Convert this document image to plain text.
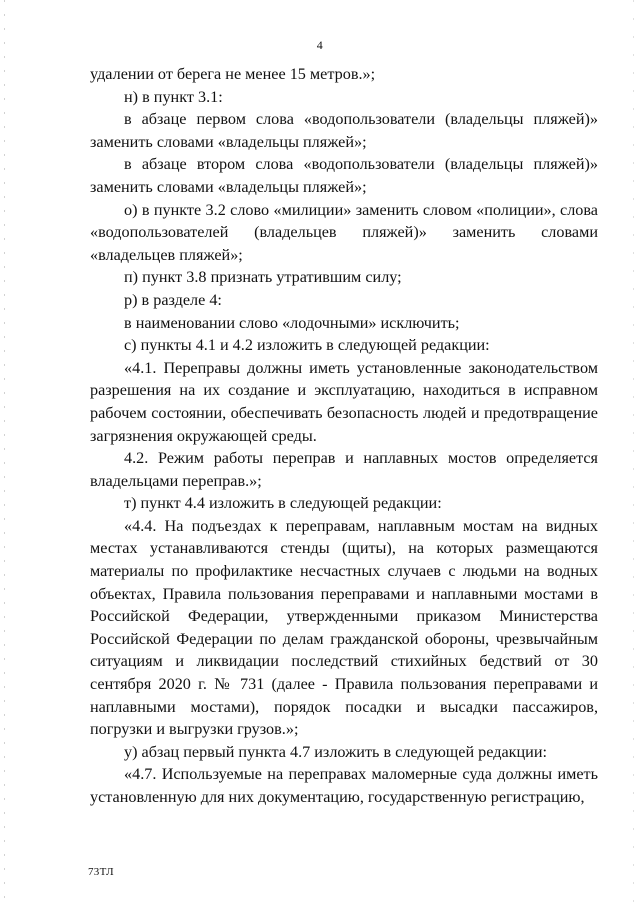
4

удалении от берега не менее 15 метров.»;

н) в пункт 3.1:

в абзаце первом слова «водопользователи (владельцы пляжей)» заменить словами «владельцы пляжей»;

в абзаце втором слова «водопользователи (владельцы пляжей)» заменить словами «владельцы пляжей»;

о) в пункте 3.2 слово «милиции» заменить словом «полиции», слова «водопользователей (владельцев пляжей)» заменить словами «владельцев пляжей»;

п) пункт 3.8 признать утратившим силу;

р) в разделе 4:

в наименовании слово «лодочными» исключить;

с) пункты 4.1 и 4.2 изложить в следующей редакции:

«4.1. Переправы должны иметь установленные законодательством разрешения на их создание и эксплуатацию, находиться в исправном рабочем состоянии, обеспечивать безопасность людей и предотвращение загрязнения окружающей среды.

4.2. Режим работы переправ и наплавных мостов определяется владельцами переправ.»;

т) пункт 4.4 изложить в следующей редакции:

«4.4. На подъездах к переправам, наплавным мостам на видных местах устанавливаются стенды (щиты), на которых размещаются материалы по профилактике несчастных случаев с людьми на водных объектах, Правила пользования переправами и наплавными мостами в Российской Федерации, утвержденными приказом Министерства Российской Федерации по делам гражданской обороны, чрезвычайным ситуациям и ликвидации последствий стихийных бедствий от 30 сентября 2020 г. № 731 (далее - Правила пользования переправами и наплавными мостами), порядок посадки и высадки пассажиров, погрузки и выгрузки грузов.»;

у) абзац первый пункта 4.7 изложить в следующей редакции:

«4.7. Используемые на переправах маломерные суда должны иметь установленную для них документацию, государственную регистрацию,

73ТЛ
